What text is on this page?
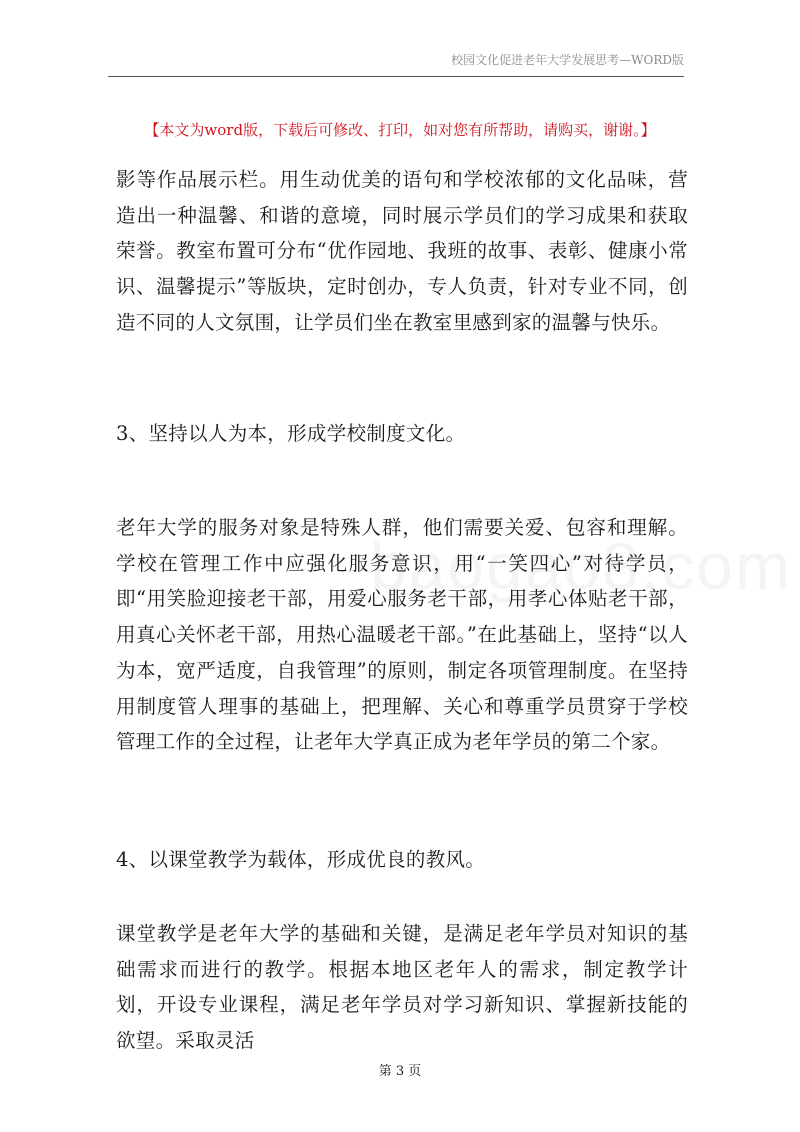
校园文化促进老年大学发展思考—WORD版
【本文为word版，下载后可修改、打印，如对您有所帮助，请购买，谢谢。】

影等作品展示栏。用生动优美的语句和学校浓郁的文化品味，营造出一种温馨、和谐的意境，同时展示学员们的学习成果和获取荣誉。教室布置可分布“优作园地、我班的故事、表彰、健康小常识、温馨提示”等版块，定时创办，专人负责，针对专业不同，创造不同的人文氛围，让学员们坐在教室里感到家的温馨与快乐。

3、坚持以人为本，形成学校制度文化。

老年大学的服务对象是特殊人群，他们需要关爱、包容和理解。学校在管理工作中应强化服务意识，用“一笑四心”对待学员，即“用笑脸迎接老干部，用爱心服务老干部，用孝心体贴老干部，用真心关怀老干部，用热心温暖老干部。”在此基础上，坚持“以人为本，宽严适度，自我管理”的原则，制定各项管理制度。在坚持用制度管人理事的基础上，把理解、关心和尊重学员贯穿于学校管理工作的全过程，让老年大学真正成为老年学员的第二个家。

4、以课堂教学为载体，形成优良的教风。

课堂教学是老年大学的基础和关键，是满足老年学员对知识的基础需求而进行的教学。根据本地区老年人的需求，制定教学计划，开设专业课程，满足老年学员对学习新知识、掌握新技能的欲望。采取灵活

第 3 页
